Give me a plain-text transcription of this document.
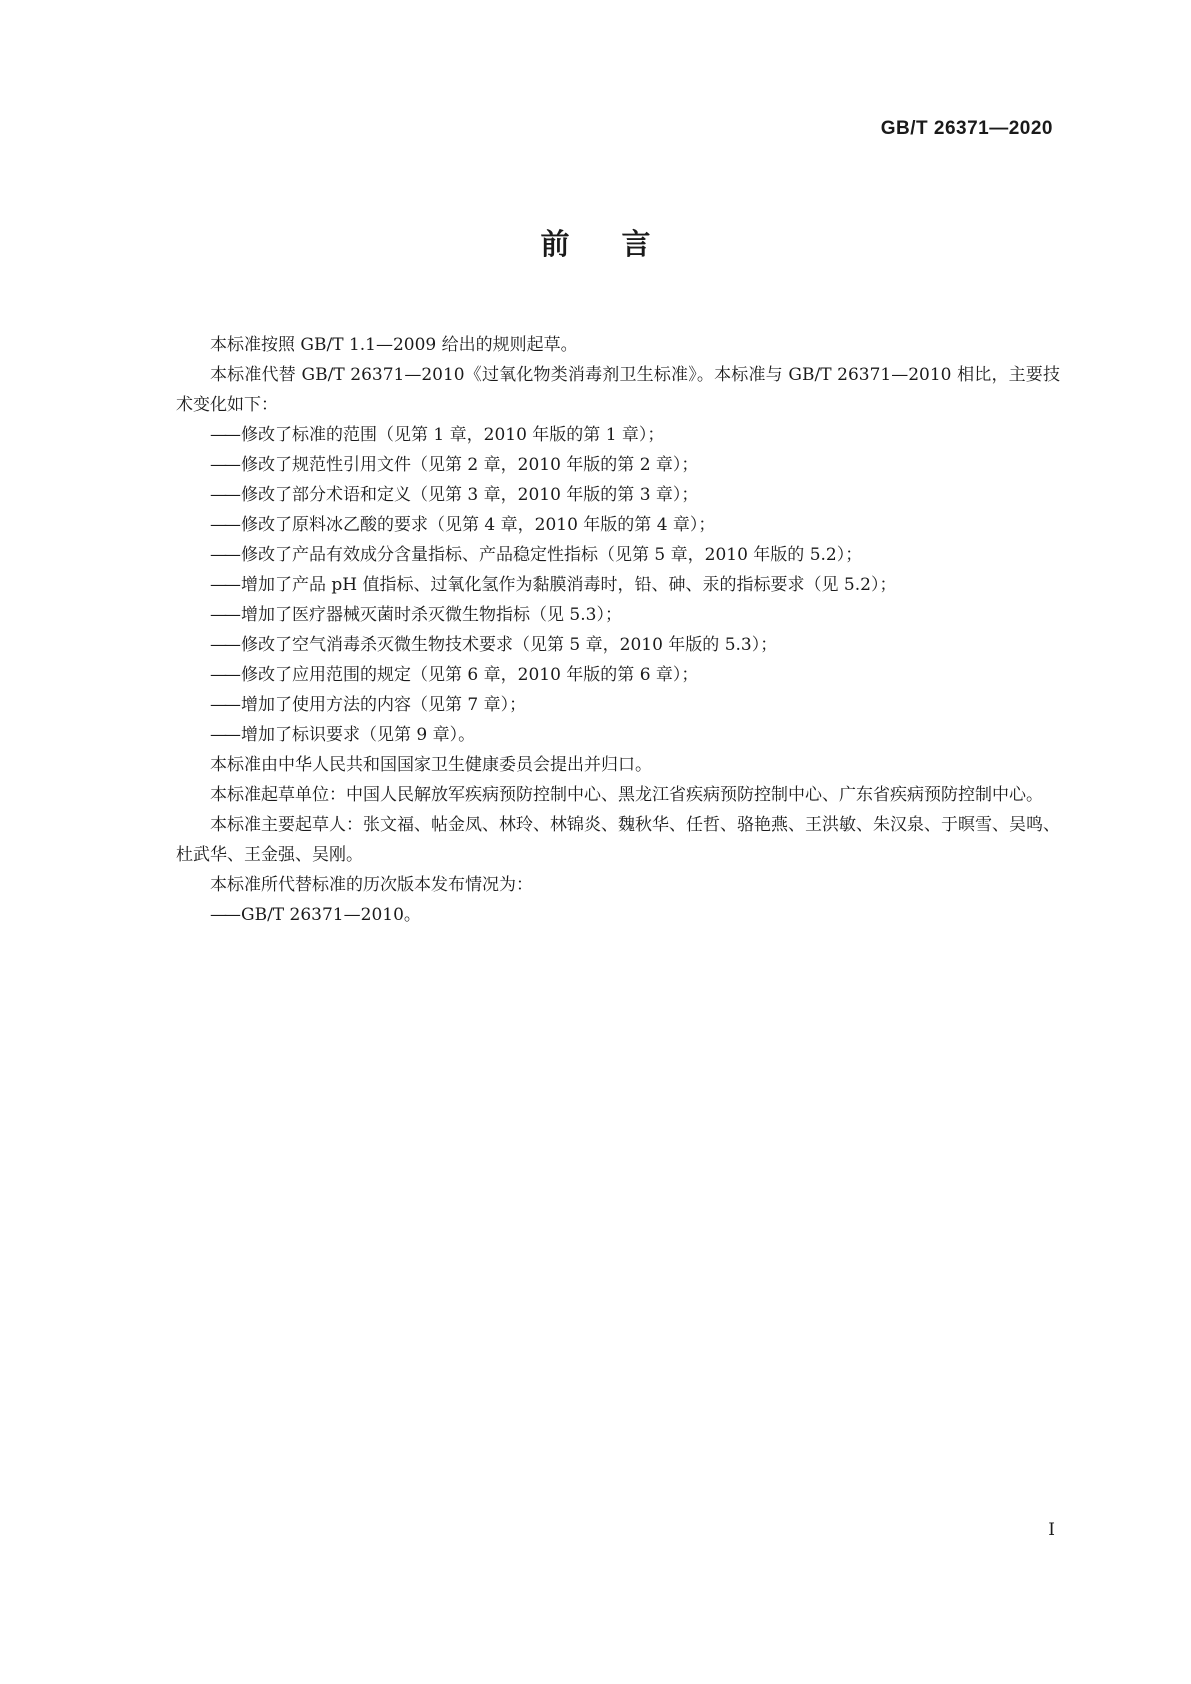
GB/T 26371—2020
前言

本标准按照 GB/T 1.1—2009 给出的规则起草。

本标准代替 GB/T 26371—2010《过氧化物类消毒剂卫生标准》。本标准与 GB/T 26371—2010 相比，主要技术变化如下：

—— 修改了标准的范围（见第 1 章，2010 年版的第 1 章）；
—— 修改了规范性引用文件（见第 2 章，2010 年版的第 2 章）；
—— 修改了部分术语和定义（见第 3 章，2010 年版的第 3 章）；
—— 修改了原料冰乙酸的要求（见第 4 章，2010 年版的第 4 章）；
—— 修改了产品有效成分含量指标、产品稳定性指标（见第 5 章，2010 年版的 5.2）；
—— 增加了产品 pH 值指标、过氧化氢作为黏膜消毒时，铅、砷、汞的指标要求（见 5.2）；
—— 增加了医疗器械灭菌时杀灭微生物指标（见 5.3）；
—— 修改了空气消毒杀灭微生物技术要求（见第 5 章，2010 年版的 5.3）；
—— 修改了应用范围的规定（见第 6 章，2010 年版的第 6 章）；
—— 增加了使用方法的内容（见第 7 章）；
—— 增加了标识要求（见第 9 章）。

本标准由中华人民共和国国家卫生健康委员会提出并归口。

本标准起草单位：中国人民解放军疾病预防控制中心、黑龙江省疾病预防控制中心、广东省疾病预防控制中心。

本标准主要起草人：张文福、帖金凤、林玲、林锦炎、魏秋华、任哲、骆艳燕、王洪敏、朱汉泉、于暝雪、吴鸣、杜武华、王金强、吴刚。

本标准所代替标准的历次版本发布情况为：

—— GB/T 26371—2010。
I
